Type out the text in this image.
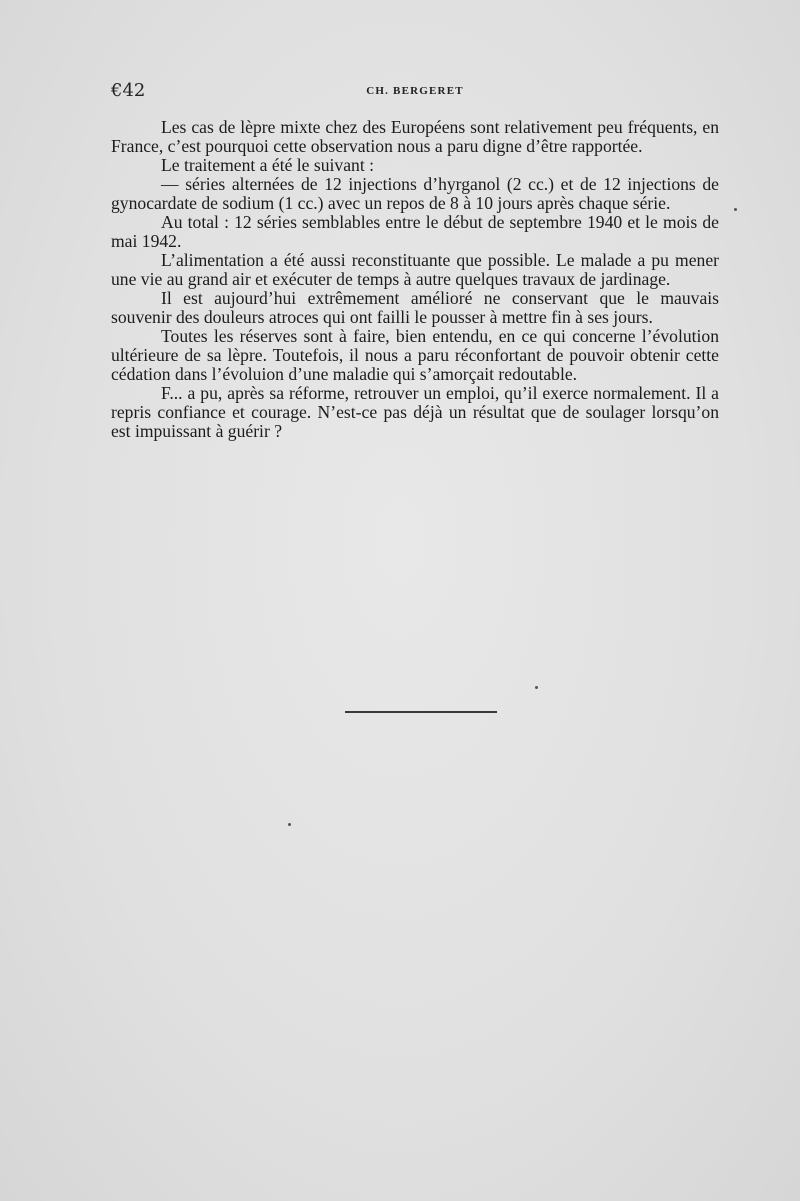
€42	CH. BERGERET

Les cas de lèpre mixte chez des Européens sont relativement peu fréquents, en France, c’est pourquoi cette observation nous a paru digne d’être rapportée.

Le traitement a été le suivant :

— séries alternées de 12 injections d’hyrganol (2 cc.) et de 12 injections de gynocardate de sodium (1 cc.) avec un repos de 8 à 10 jours après chaque série.

Au total : 12 séries semblables entre le début de septembre 1940 et le mois de mai 1942.

L’alimentation a été aussi reconstituante que possible. Le malade a pu mener une vie au grand air et exécuter de temps à autre quelques travaux de jardinage.

Il est aujourd’hui extrêmement amélioré ne conservant que le mauvais souvenir des douleurs atroces qui ont failli le pousser à mettre fin à ses jours.

Toutes les réserves sont à faire, bien entendu, en ce qui concerne l’évolution ultérieure de sa lèpre. Toutefois, il nous a paru réconfortant de pouvoir obtenir cette cédation dans l’évoluion d’une maladie qui s’amorçait redoutable.

F... a pu, après sa réforme, retrouver un emploi, qu’il exerce normalement. Il a repris confiance et courage. N’est-ce pas déjà un résultat que de soulager lorsqu’on est impuissant à guérir ?
